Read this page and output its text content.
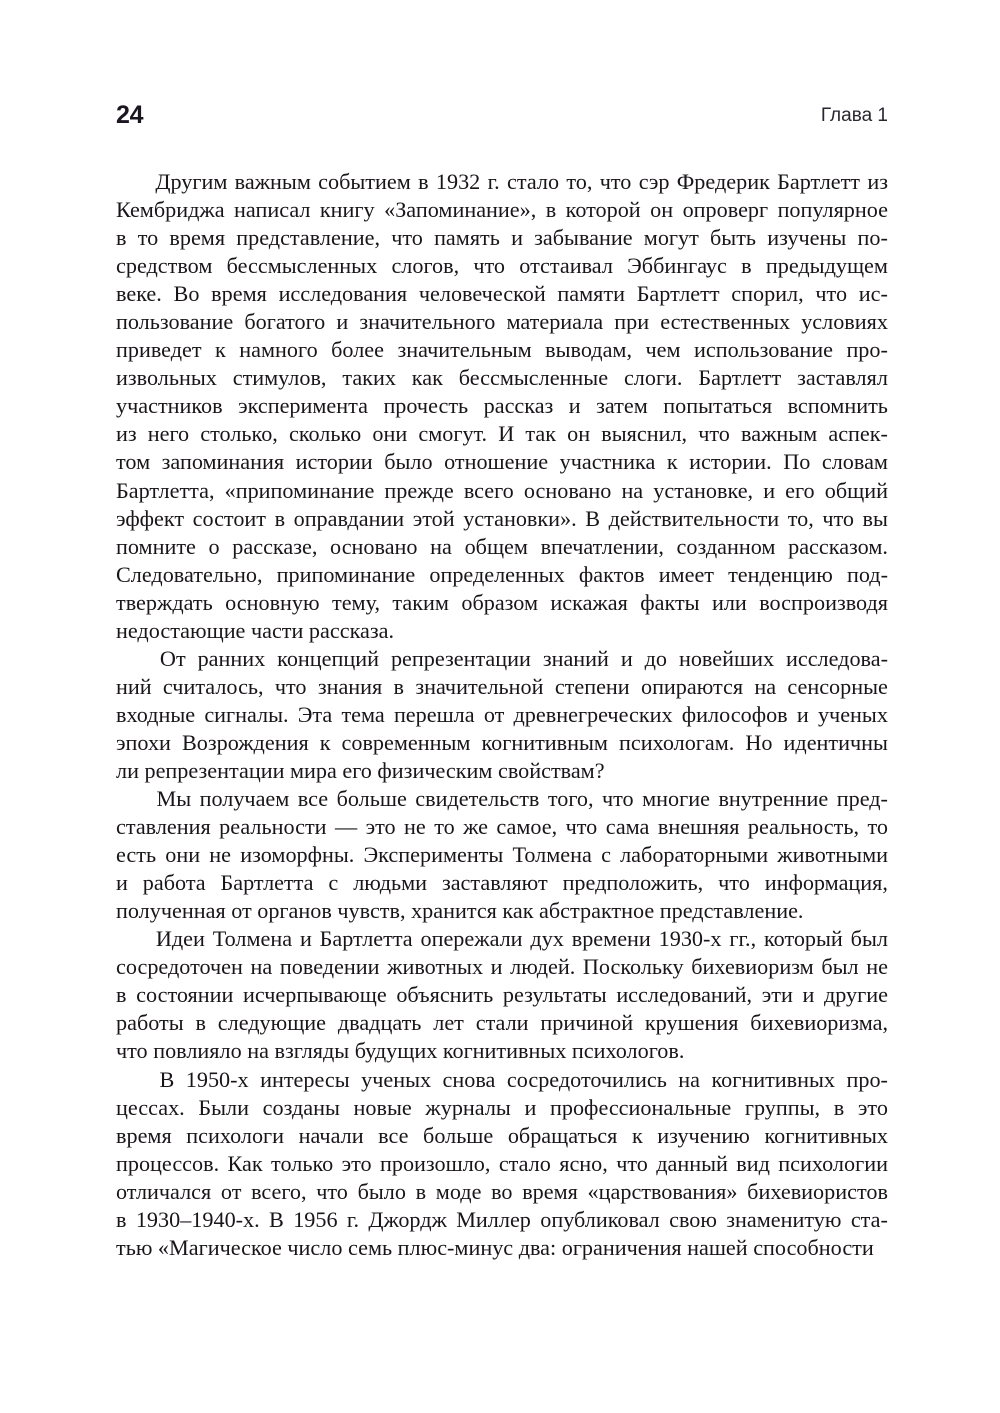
24	Глава 1
Другим важным событием в 1932 г. стало то, что сэр Фредерик Бартлетт из
Кембриджа написал книгу «Запоминание», в которой он опроверг популярное
в то время представление, что память и забывание могут быть изучены по-
средством бессмысленных слогов, что отстаивал Эббингаус в предыдущем
веке. Во время исследования человеческой памяти Бартлетт спорил, что ис-
пользование богатого и значительного материала при естественных условиях
приведет к намного более значительным выводам, чем использование про-
извольных стимулов, таких как бессмысленные слоги. Бартлетт заставлял
участников эксперимента прочесть рассказ и затем попытаться вспомнить
из него столько, сколько они смогут. И так он выяснил, что важным аспек-
том запоминания истории было отношение участника к истории. По словам
Бартлетта, «припоминание прежде всего основано на установке, и его общий
эффект состоит в оправдании этой установки». В действительности то, что вы
помните о рассказе, основано на общем впечатлении, созданном рассказом.
Следовательно, припоминание определенных фактов имеет тенденцию под-
тверждать основную тему, таким образом искажая факты или воспроизводя
недостающие части рассказа.
От ранних концепций репрезентации знаний и до новейших исследова-
ний считалось, что знания в значительной степени опираются на сенсорные
входные сигналы. Эта тема перешла от древнегреческих философов и ученых
эпохи Возрождения к современным когнитивным психологам. Но идентичны
ли репрезентации мира его физическим свойствам?
Мы получаем все больше свидетельств того, что многие внутренние пред-
ставления реальности — это не то же самое, что сама внешняя реальность, то
есть они не изоморфны. Эксперименты Толмена с лабораторными животными
и работа Бартлетта с людьми заставляют предположить, что информация,
полученная от органов чувств, хранится как абстрактное представление.
Идеи Толмена и Бартлетта опережали дух времени 1930-х гг., который был
сосредоточен на поведении животных и людей. Поскольку бихевиоризм был не
в состоянии исчерпывающе объяснить результаты исследований, эти и другие
работы в следующие двадцать лет стали причиной крушения бихевиоризма,
что повлияло на взгляды будущих когнитивных психологов.
В 1950-х интересы ученых снова сосредоточились на когнитивных про-
цессах. Были созданы новые журналы и профессиональные группы, в это
время психологи начали все больше обращаться к изучению когнитивных
процессов. Как только это произошло, стало ясно, что данный вид психологии
отличался от всего, что было в моде во время «царствования» бихевиористов
в 1930–1940-х. В 1956 г. Джордж Миллер опубликовал свою знаменитую ста-
тью «Магическое число семь плюс-минус два: ограничения нашей способности
